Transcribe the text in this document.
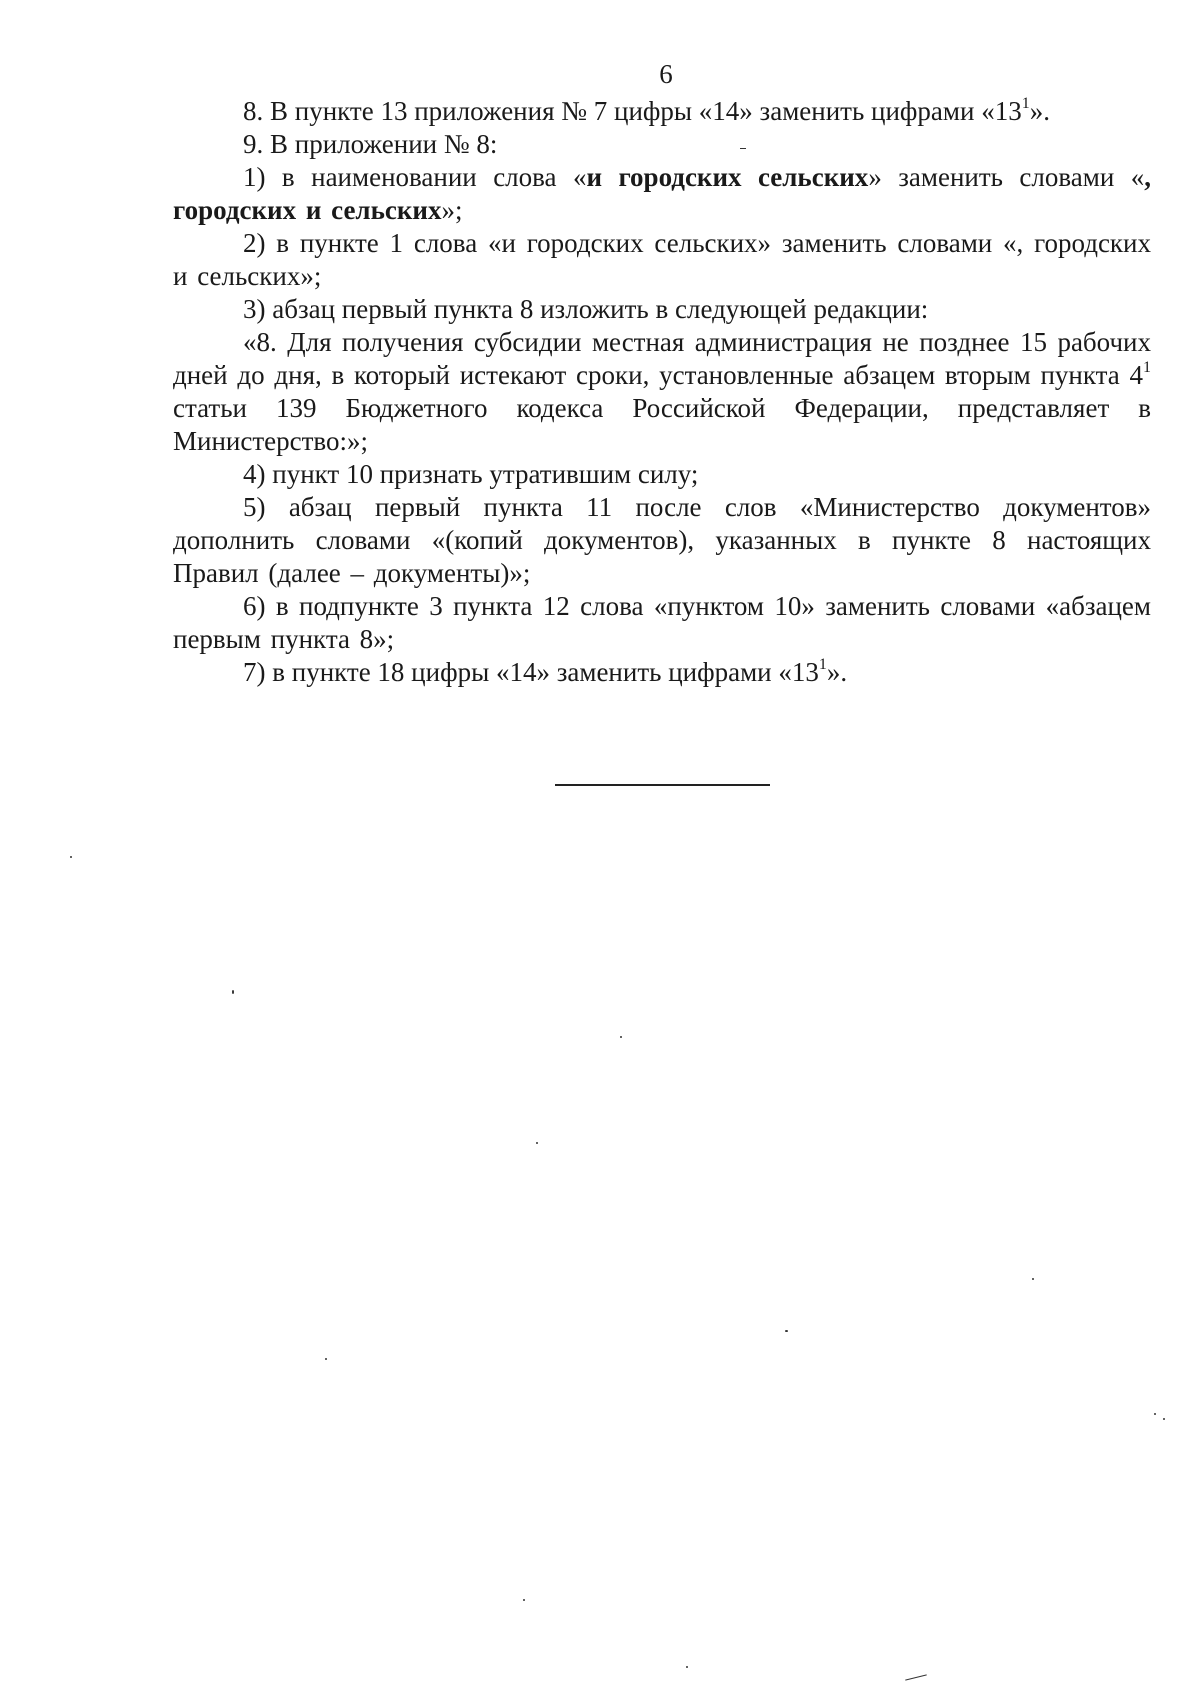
6

8. В пункте 13 приложения № 7 цифры «14» заменить цифрами «$13^1$».

9. В приложении № 8:

1) в наименовании слова «и городских сельских» заменить словами «, городских и сельских»;

2) в пункте 1 слова «и городских сельских» заменить словами «, городских и сельских»;

3) абзац первый пункта 8 изложить в следующей редакции:

«8. Для получения субсидии местная администрация не позднее 15 рабочих дней до дня, в который истекают сроки, установленные абзацем вторым пункта $4^1$ статьи 139 Бюджетного кодекса Российской Федерации, представляет в Министерство:»;

4) пункт 10 признать утратившим силу;

5) абзац первый пункта 11 после слов «Министерство документов» дополнить словами «(копий документов), указанных в пункте 8 настоящих Правил (далее – документы)»;

6) в подпункте 3 пункта 12 слова «пунктом 10» заменить словами «абзацем первым пункта 8»;

7) в пункте 18 цифры «14» заменить цифрами «$13^1$».
